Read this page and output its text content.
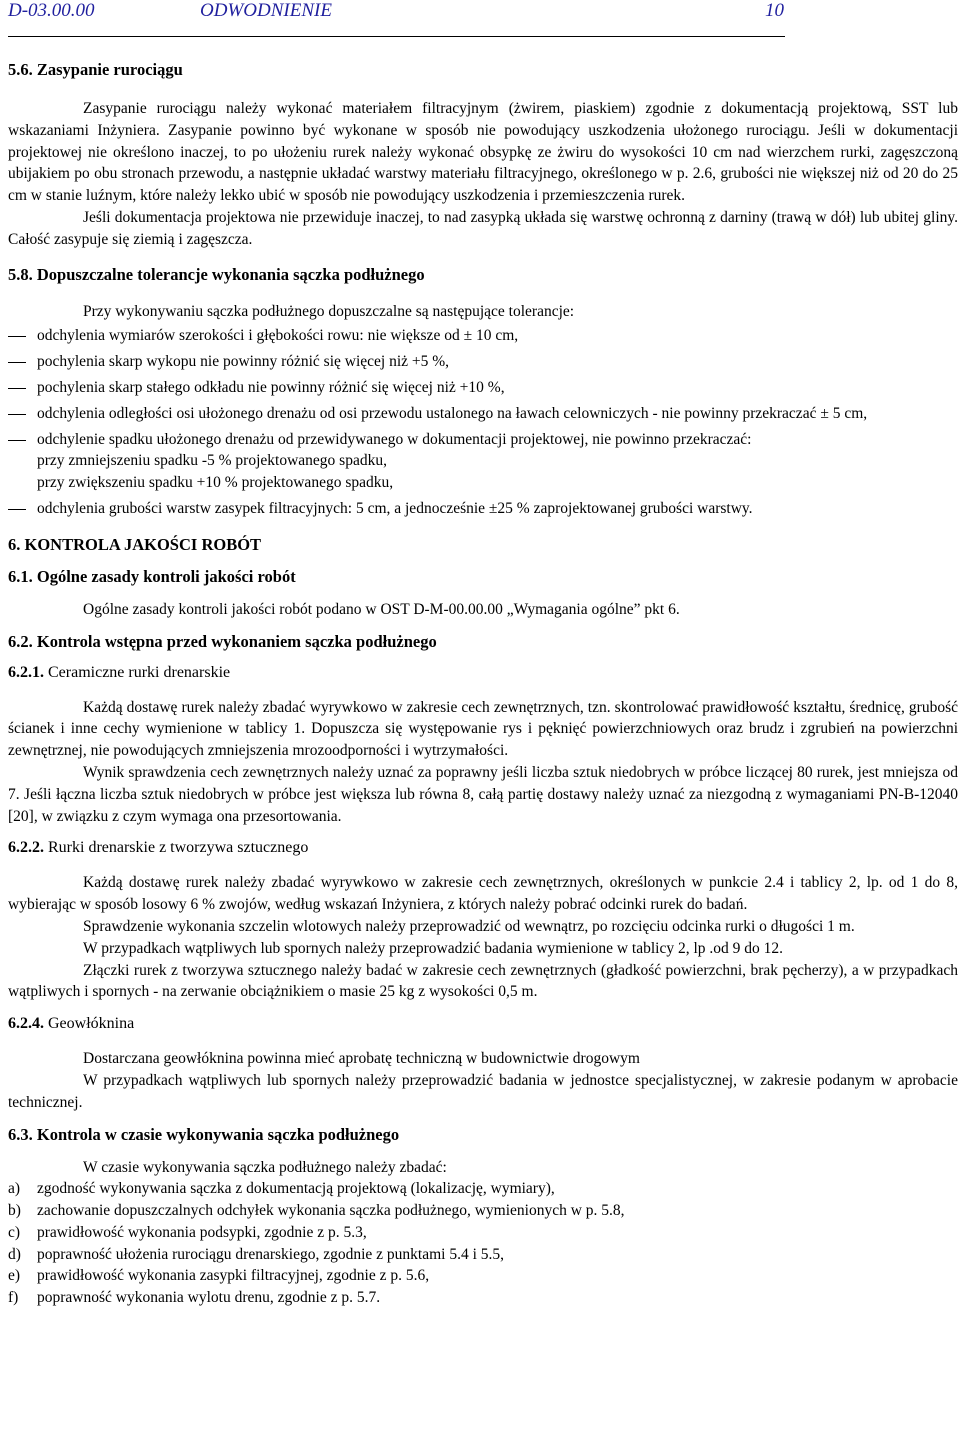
D-03.00.00	ODWODNIENIE	10

5.6. Zasypanie rurociągu

Zasypanie rurociągu należy wykonać materiałem filtracyjnym (żwirem, piaskiem) zgodnie z dokumentacją projektową, SST lub wskazaniami Inżyniera. Zasypanie powinno być wykonane w sposób nie powodujący uszkodzenia ułożonego rurociągu. Jeśli w dokumentacji projektowej nie określono inaczej, to po ułożeniu rurek należy wykonać obsypkę ze żwiru do wysokości 10 cm nad wierzchem rurki, zagęszczoną ubijakiem po obu stronach przewodu, a następnie układać warstwy materiału filtracyjnego, określonego w p. 2.6, grubości nie większej niż od 20 do 25 cm w stanie luźnym, które należy lekko ubić w sposób nie powodujący uszkodzenia i przemieszczenia rurek.

Jeśli dokumentacja projektowa nie przewiduje inaczej, to nad zasypką układa się warstwę ochronną z darniny (trawą w dół) lub ubitej gliny. Całość zasypuje się ziemią i zagęszcza.

5.8. Dopuszczalne tolerancje wykonania sączka podłużnego

Przy wykonywaniu sączka podłużnego dopuszczalne są następujące tolerancje:

odchylenia wymiarów szerokości i głębokości rowu: nie większe od ± 10 cm,
pochylenia skarp wykopu nie powinny różnić się więcej niż +5 %,
pochylenia skarp stałego odkładu nie powinny różnić się więcej niż +10 %,
odchylenia odległości osi ułożonego drenażu od osi przewodu ustalonego na ławach celowniczych - nie powinny przekraczać ± 5 cm,
odchylenie spadku ułożonego drenażu od przewidywanego w dokumentacji projektowej, nie powinno przekraczać:
przy zmniejszeniu spadku -5 % projektowanego spadku,
przy zwiększeniu spadku +10 % projektowanego spadku,
odchylenia grubości warstw zasypek filtracyjnych: 5 cm, a jednocześnie ±25 % zaprojektowanej grubości warstwy.

6. KONTROLA JAKOŚCI ROBÓT

6.1. Ogólne zasady kontroli jakości robót

Ogólne zasady kontroli jakości robót podano w OST D-M-00.00.00 „Wymagania ogólne” pkt 6.

6.2. Kontrola wstępna przed wykonaniem sączka podłużnego

6.2.1. Ceramiczne rurki drenarskie

Każdą dostawę rurek należy zbadać wyrywkowo w zakresie cech zewnętrznych, tzn. skontrolować prawidłowość kształtu, średnicę, grubość ścianek i inne cechy wymienione w tablicy 1. Dopuszcza się występowanie rys i pęknięć powierzchniowych oraz brudz i zgrubień na powierzchni zewnętrznej, nie powodujących zmniejszenia mrozoodporności i wytrzymałości.

Wynik sprawdzenia cech zewnętrznych należy uznać za poprawny jeśli liczba sztuk niedobrych w próbce liczącej 80 rurek, jest mniejsza od 7. Jeśli łączna liczba sztuk niedobrych w próbce jest większa lub równa 8, całą partię dostawy należy uznać za niezgodną z wymaganiami PN-B-12040 [20], w związku z czym wymaga ona przesortowania.

6.2.2. Rurki drenarskie z tworzywa sztucznego

Każdą dostawę rurek należy zbadać wyrywkowo w zakresie cech zewnętrznych, określonych w punkcie 2.4 i tablicy 2, lp. od 1 do 8, wybierając w sposób losowy 6 % zwojów, według wskazań Inżyniera, z których należy pobrać odcinki rurek do badań.

Sprawdzenie wykonania szczelin wlotowych należy przeprowadzić od wewnątrz, po rozcięciu odcinka rurki o długości 1 m.

W przypadkach wątpliwych lub spornych należy przeprowadzić badania wymienione w tablicy 2, lp .od 9 do 12.

Złączki rurek z tworzywa sztucznego należy badać w zakresie cech zewnętrznych (gładkość powierzchni, brak pęcherzy), a w przypadkach wątpliwych i spornych - na zerwanie obciążnikiem o masie 25 kg z wysokości 0,5 m.

6.2.4. Geowłóknina

Dostarczana geowłóknina powinna mieć aprobatę techniczną w budownictwie drogowym

W przypadkach wątpliwych lub spornych należy przeprowadzić badania w jednostce specjalistycznej, w zakresie podanym w aprobacie technicznej.

6.3. Kontrola w czasie wykonywania sączka podłużnego

W czasie wykonywania sączka podłużnego należy zbadać:

a) zgodność wykonywania sączka z dokumentacją projektową (lokalizację, wymiary),
b) zachowanie dopuszczalnych odchyłek wykonania sączka podłużnego, wymienionych w p. 5.8,
c) prawidłowość wykonania podsypki, zgodnie z p. 5.3,
d) poprawność ułożenia rurociągu drenarskiego, zgodnie z punktami 5.4 i 5.5,
e) prawidłowość wykonania zasypki filtracyjnej, zgodnie z p. 5.6,
f) poprawność wykonania wylotu drenu, zgodnie z p. 5.7.
